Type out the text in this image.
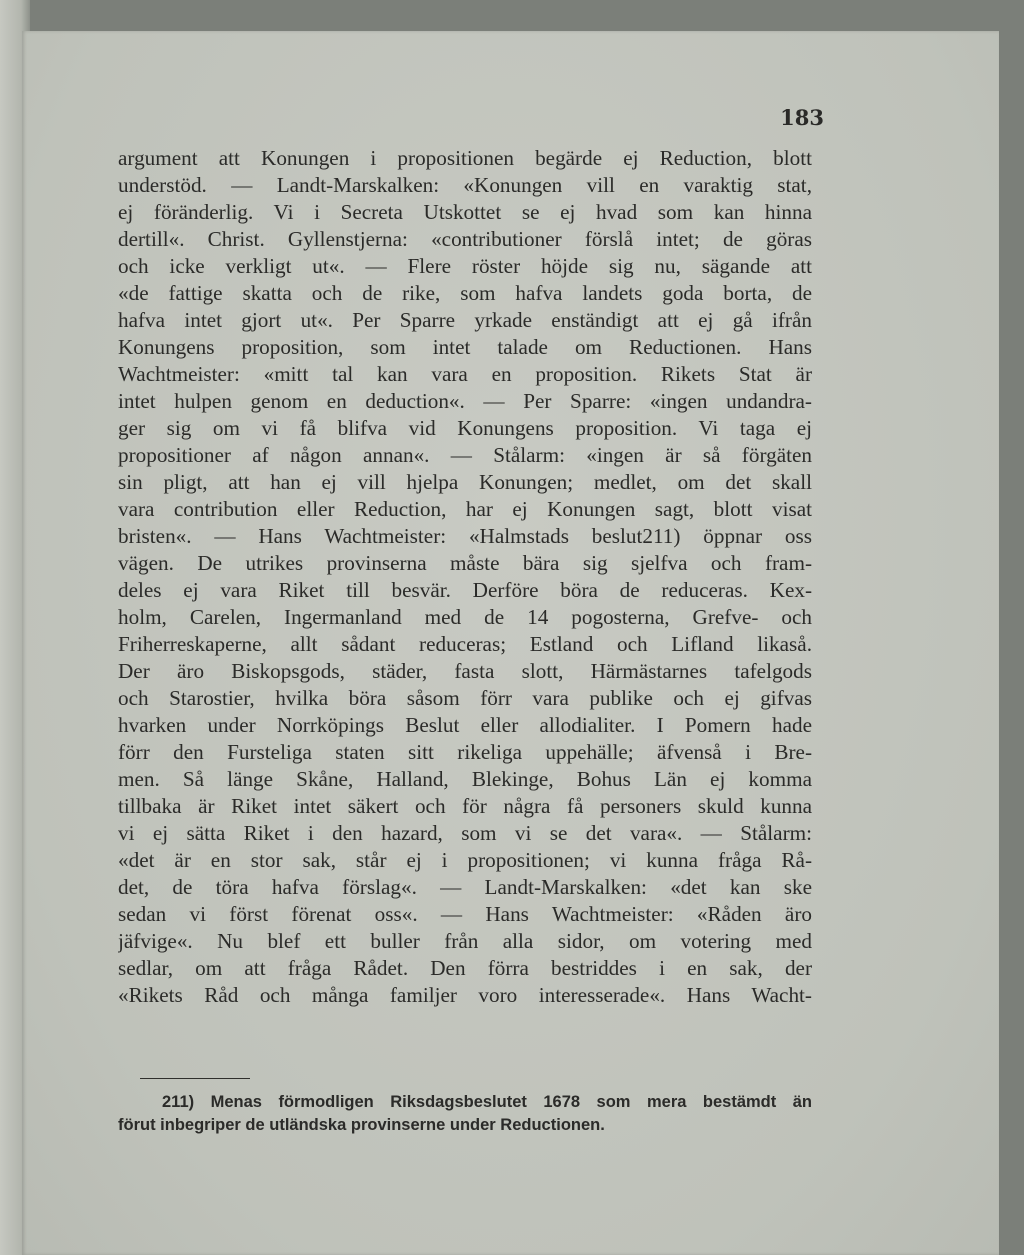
183
argument att Konungen i propositionen begärde ej Reduction, blott
understöd. — Landt-Marskalken: «Konungen vill en varaktig stat,
ej föränderlig. Vi i Secreta Utskottet se ej hvad som kan hinna
dertill«. Christ. Gyllenstjerna: «contributioner förslå intet; de göras
och icke verkligt ut«. — Flere röster höjde sig nu, sägande att
«de fattige skatta och de rike, som hafva landets goda borta, de
hafva intet gjort ut«. Per Sparre yrkade enständigt att ej gå ifrån
Konungens proposition, som intet talade om Reductionen. Hans
Wachtmeister: «mitt tal kan vara en proposition. Rikets Stat är
intet hulpen genom en deduction«. — Per Sparre: «ingen undandra-
ger sig om vi få blifva vid Konungens proposition. Vi taga ej
propositioner af någon annan«. — Stålarm: «ingen är så förgäten
sin pligt, att han ej vill hjelpa Konungen; medlet, om det skall
vara contribution eller Reduction, har ej Konungen sagt, blott visat
bristen«. — Hans Wachtmeister: «Halmstads beslut211) öppnar oss
vägen. De utrikes provinserna måste bära sig sjelfva och fram-
deles ej vara Riket till besvär. Derföre böra de reduceras. Kex-
holm, Carelen, Ingermanland med de 14 pogosterna, Grefve- och
Friherreskaperne, allt sådant reduceras; Estland och Lifland likaså.
Der äro Biskopsgods, städer, fasta slott, Härmästarnes tafelgods
och Starostier, hvilka böra såsom förr vara publike och ej gifvas
hvarken under Norrköpings Beslut eller allodialiter. I Pomern hade
förr den Fursteliga staten sitt rikeliga uppehälle; äfvenså i Bre-
men. Så länge Skåne, Halland, Blekinge, Bohus Län ej komma
tillbaka är Riket intet säkert och för några få personers skuld kunna
vi ej sätta Riket i den hazard, som vi se det vara«. — Stålarm:
«det är en stor sak, står ej i propositionen; vi kunna fråga Rå-
det, de töra hafva förslag«. — Landt-Marskalken: «det kan ske
sedan vi först förenat oss«. — Hans Wachtmeister: «Råden äro
jäfvige«. Nu blef ett buller från alla sidor, om votering med
sedlar, om att fråga Rådet. Den förra bestriddes i en sak, der
«Rikets Råd och många familjer voro interesserade«. Hans Wacht-
211) Menas förmodligen Riksdagsbeslutet 1678 som mera bestämdt än
förut inbegriper de utländska provinserne under Reductionen.
